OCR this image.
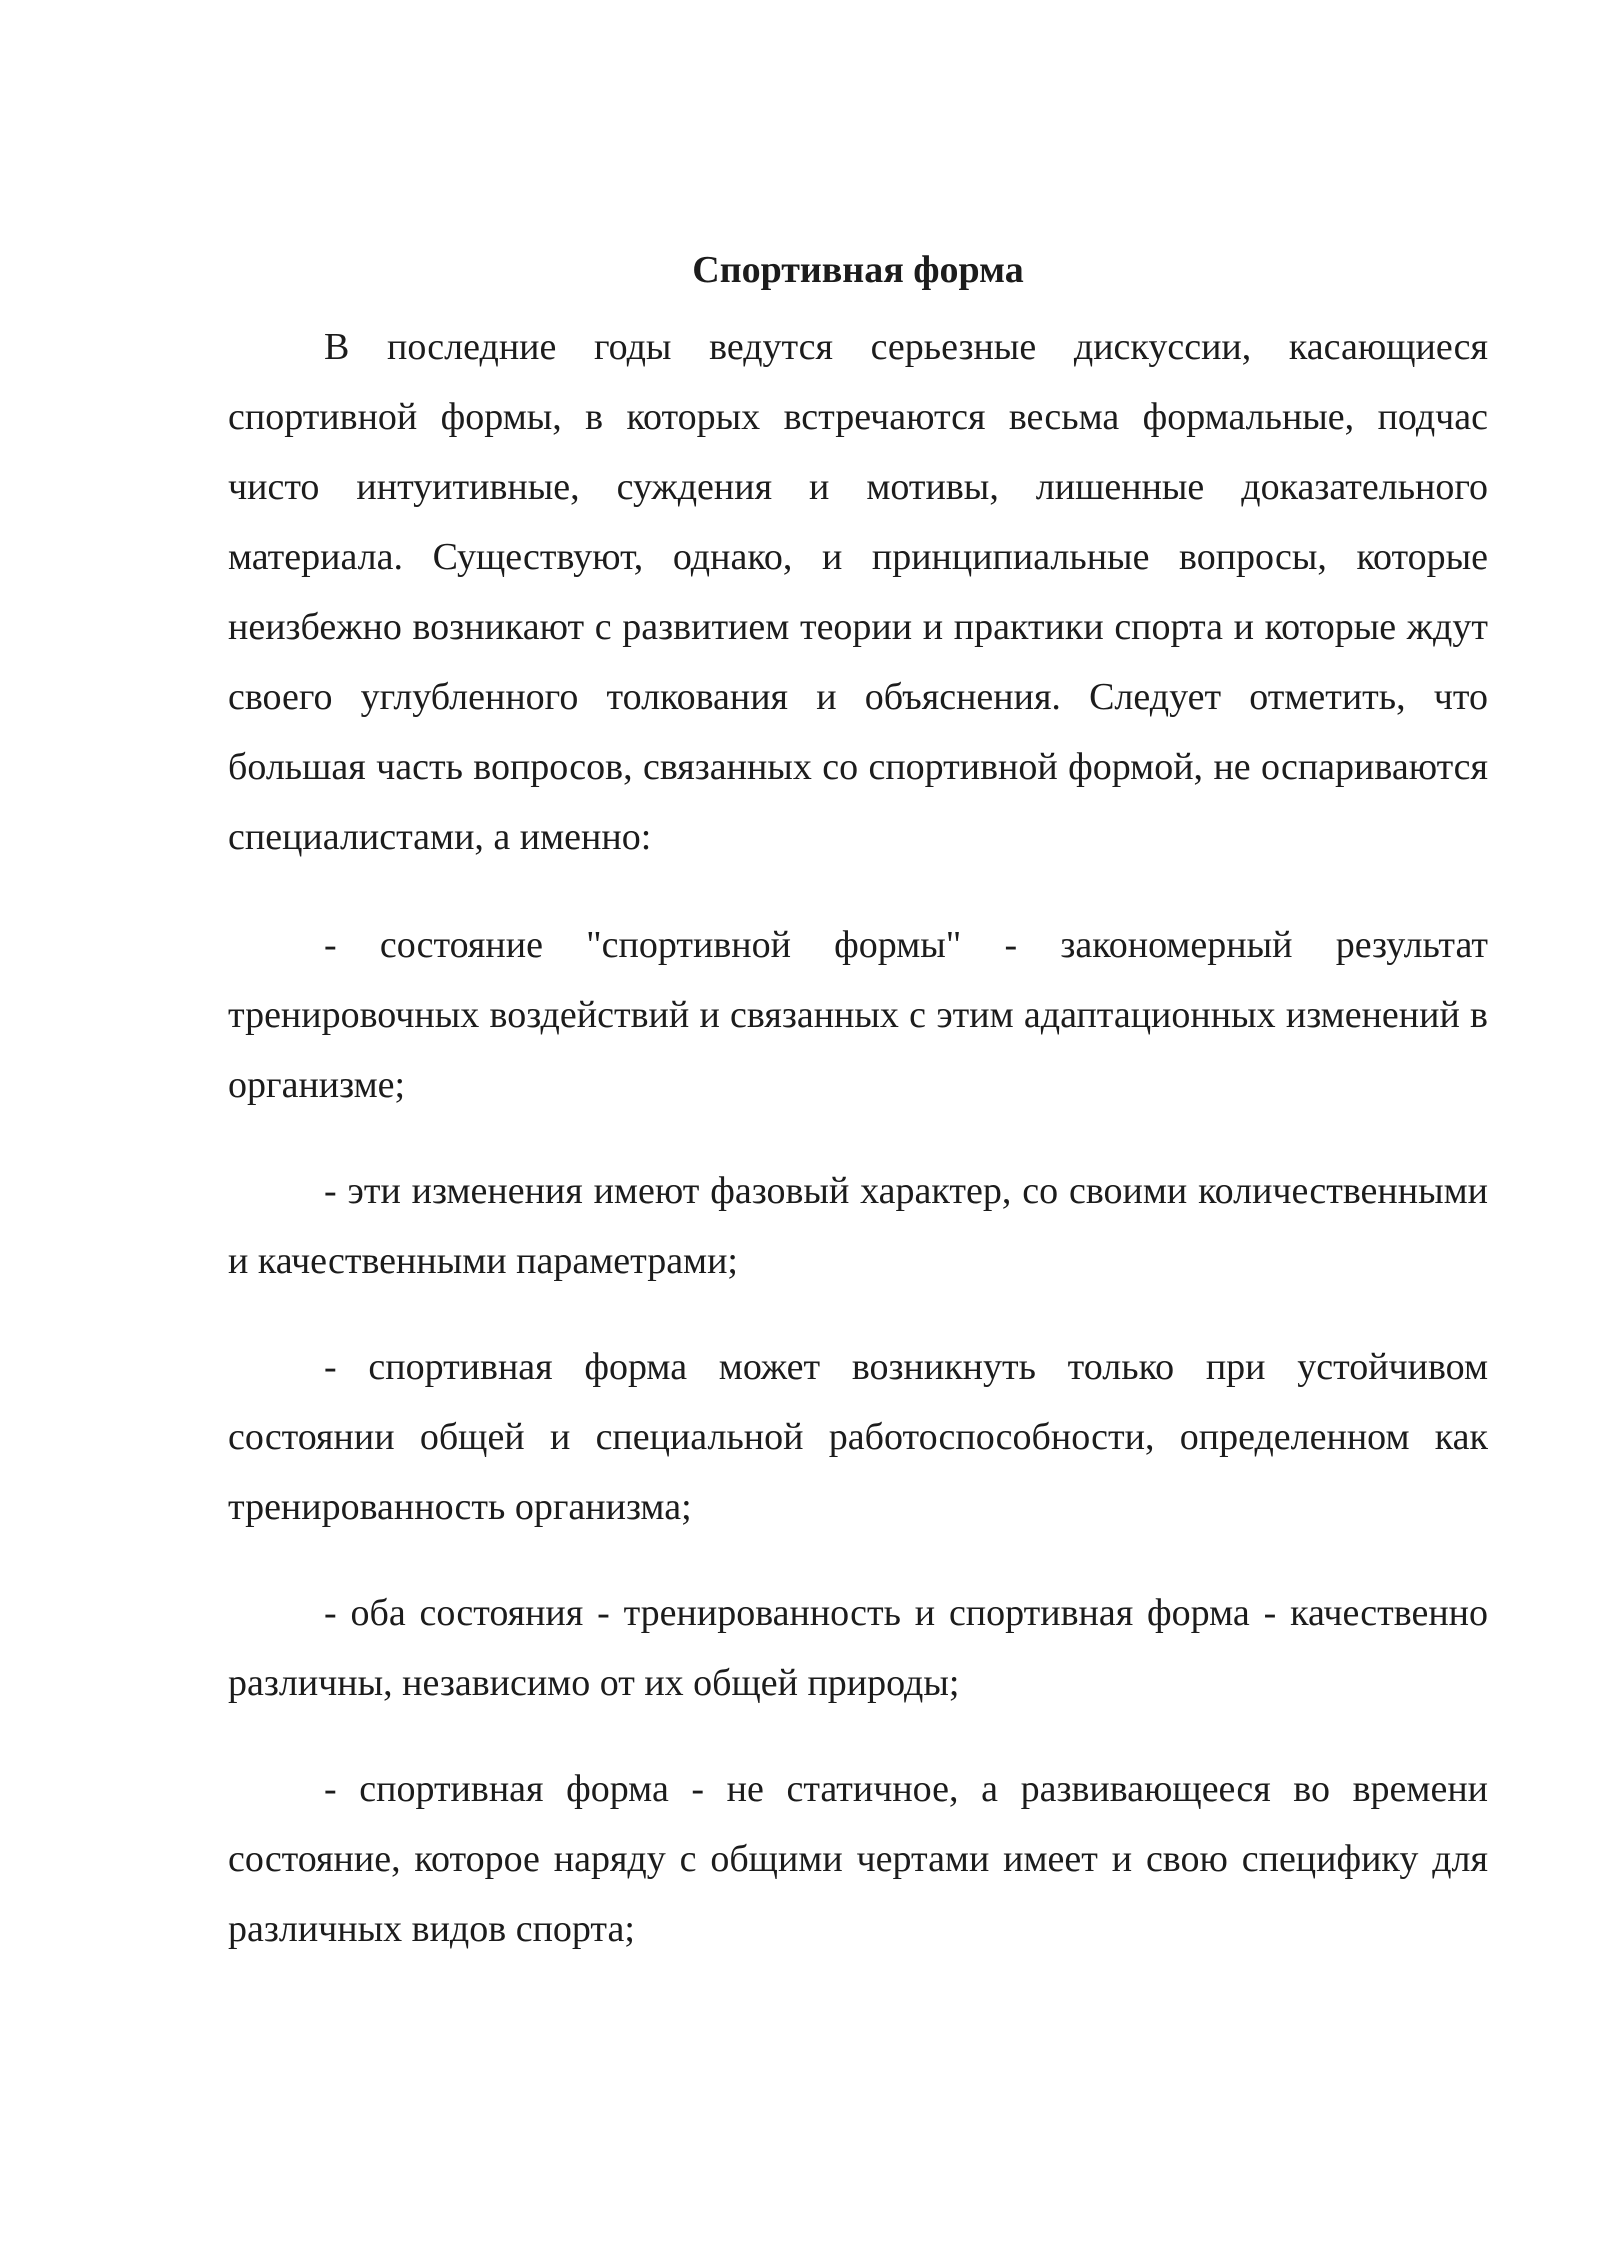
Спортивная форма

В последние годы ведутся серьезные дискуссии, касающиеся спортивной формы, в которых встречаются весьма формальные, подчас чисто интуитивные, суждения и мотивы, лишенные доказательного материала. Существуют, однако, и принципиальные вопросы, которые неизбежно возникают с развитием теории и практики спорта и которые ждут своего углубленного толкования и объяснения. Следует отметить, что большая часть вопросов, связанных со спортивной формой, не оспариваются специалистами, а именно:

- состояние "спортивной формы" - закономерный результат тренировочных воздействий и связанных с этим адаптационных изменений в организме;

- эти изменения имеют фазовый характер, со своими количественными и качественными параметрами;

- спортивная форма может возникнуть только при устойчивом состоянии общей и специальной работоспособности, определенном как тренированность организма;

- оба состояния - тренированность и спортивная форма - качественно различны, независимо от их общей природы;

- спортивная форма - не статичное, а развивающееся во времени состояние, которое наряду с общими чертами имеет и свою специфику для различных видов спорта;
